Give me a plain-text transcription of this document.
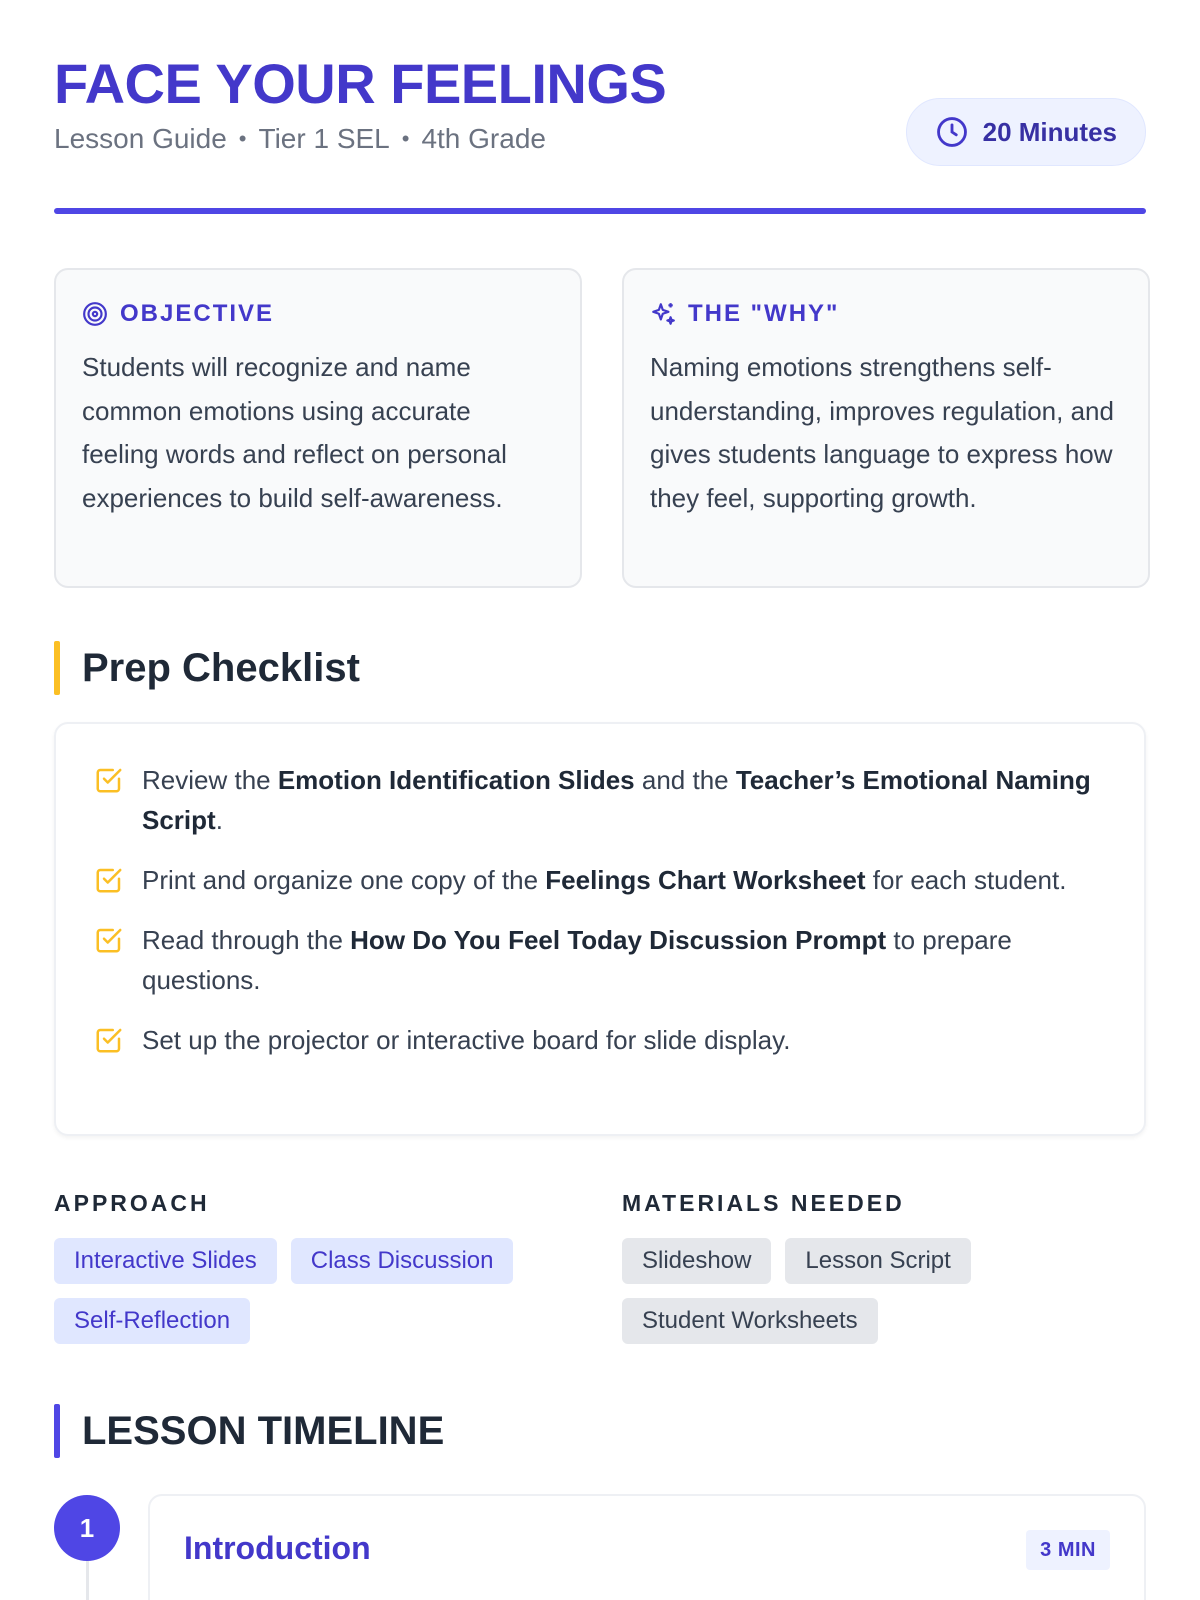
FACE YOUR FEELINGS
Lesson Guide • Tier 1 SEL • 4th Grade	20 Minutes
OBJECTIVE
Students will recognize and name common emotions using accurate feeling words and reflect on personal experiences to build self-awareness.
THE "WHY"
Naming emotions strengthens self-understanding, improves regulation, and gives students language to express how they feel, supporting growth.
Prep Checklist
Review the Emotion Identification Slides and the Teacher’s Emotional Naming Script.
Print and organize one copy of the Feelings Chart Worksheet for each student.
Read through the How Do You Feel Today Discussion Prompt to prepare questions.
Set up the projector or interactive board for slide display.
APPROACH
Interactive Slides	Class Discussion
Self-Reflection
MATERIALS NEEDED
Slideshow	Lesson Script
Student Worksheets
LESSON TIMELINE
1
Introduction	3 MIN
